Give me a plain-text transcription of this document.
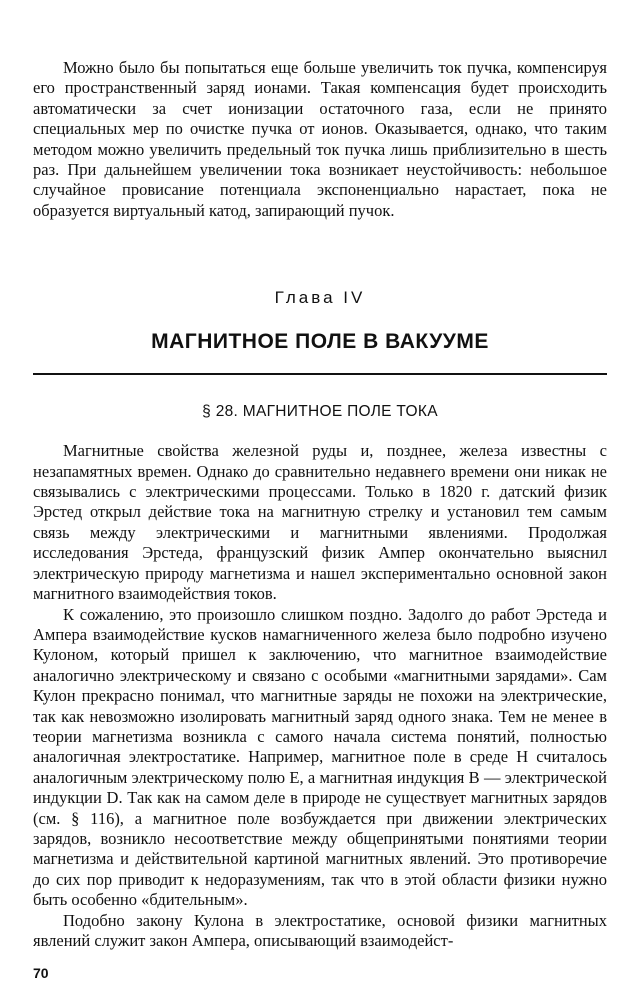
Можно было бы попытаться еще больше увеличить ток пучка, компенсируя его пространственный заряд ионами. Такая компенсация будет происходить автоматически за счет ионизации остаточного газа, если не принято специальных мер по очистке пучка от ионов. Оказывается, однако, что таким методом можно увеличить предельный ток пучка лишь приблизительно в шесть раз. При дальнейшем увеличении тока возникает неустойчивость: небольшое случайное провисание потенциала экспоненциально нарастает, пока не образуется виртуальный катод, запирающий пучок.

Глава IV
МАГНИТНОЕ ПОЛЕ В ВАКУУМЕ
§ 28. МАГНИТНОЕ ПОЛЕ ТОКА

Магнитные свойства железной руды и, позднее, железа известны с незапамятных времен. Однако до сравнительно недавнего времени они никак не связывались с электрическими процессами. Только в 1820 г. датский физик Эрстед открыл действие тока на магнитную стрелку и установил тем самым связь между электрическими и магнитными явлениями. Продолжая исследования Эрстеда, французский физик Ампер окончательно выяснил электрическую природу магнетизма и нашел экспериментально основной закон магнитного взаимодействия токов.

К сожалению, это произошло слишком поздно. Задолго до работ Эрстеда и Ампера взаимодействие кусков намагниченного железа было подробно изучено Кулоном, который пришел к заключению, что магнитное взаимодействие аналогично электрическому и связано с особыми «магнитными зарядами». Сам Кулон прекрасно понимал, что магнитные заряды не похожи на электрические, так как невозможно изолировать магнитный заряд одного знака. Тем не менее в теории магнетизма возникла с самого начала система понятий, полностью аналогичная электростатике. Например, магнитное поле в среде H считалось аналогичным электрическому полю E, а магнитная индукция B — электрической индукции D. Так как на самом деле в природе не существует магнитных зарядов (см. § 116), а магнитное поле возбуждается при движении электрических зарядов, возникло несоответствие между общепринятыми понятиями теории магнетизма и действительной картиной магнитных явлений. Это противоречие до сих пор приводит к недоразумениям, так что в этой области физики нужно быть особенно «бдительным».

Подобно закону Кулона в электростатике, основой физики магнитных явлений служит закон Ампера, описывающий взаимодейст-

70
